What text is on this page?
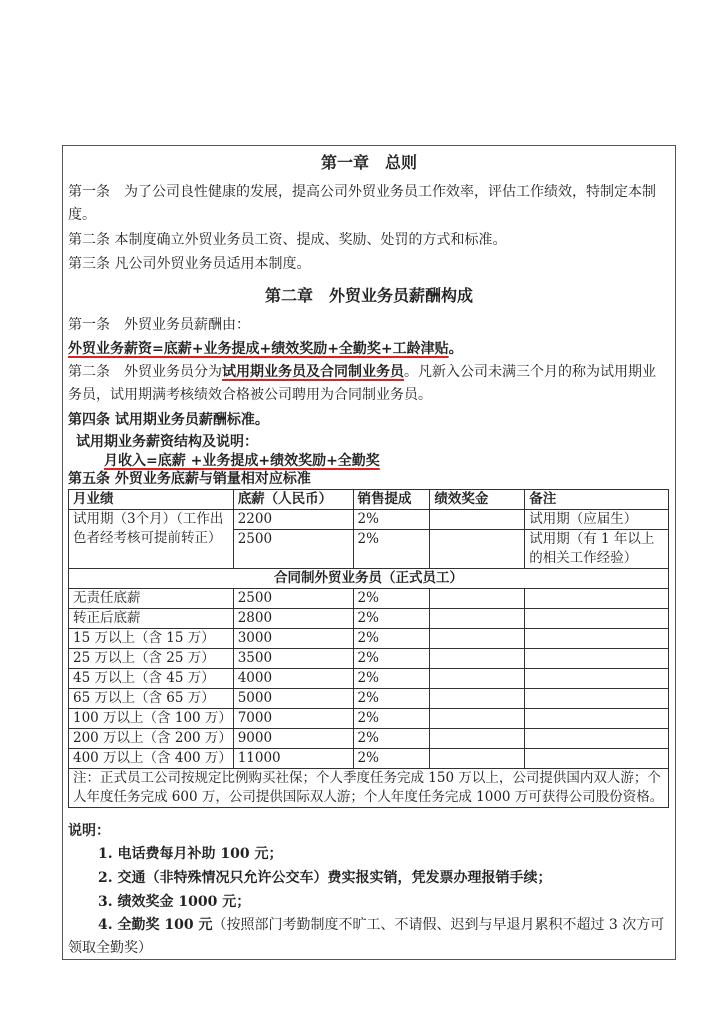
第一章　总则
第一条　为了公司良性健康的发展，提高公司外贸业务员工作效率，评估工作绩效，特制定本制度。
第二条 本制度确立外贸业务员工资、提成、奖励、处罚的方式和标准。
第三条 凡公司外贸业务员适用本制度。
第二章　外贸业务员薪酬构成
第一条　外贸业务员薪酬由：
外贸业务薪资=底薪+业务提成+绩效奖励+全勤奖+工龄津贴。
第二条　外贸业务员分为试用期业务员及合同制业务员。凡新入公司未满三个月的称为试用期业务员，试用期满考核绩效合格被公司聘用为合同制业务员。
第四条 试用期业务员薪酬标准。
试用期业务薪资结构及说明：
月收入=底薪 +业务提成+绩效奖励+全勤奖
第五条 外贸业务底薪与销量相对应标准
月业绩	底薪（人民币）	销售提成	绩效奖金	备注
试用期（3个月）（工作出色者经考核可提前转正）	2200	2%		试用期（应届生）
	2500	2%		试用期（有 1 年以上的相关工作经验）
合同制外贸业务员（正式员工）				
无责任底薪	2500	2%		
转正后底薪	2800	2%		
15 万以上（含 15 万）	3000	2%		
25 万以上（含 25 万）	3500	2%		
45 万以上（含 45 万）	4000	2%		
65 万以上（含 65 万）	5000	2%		
100 万以上（含 100 万）	7000	2%		
200 万以上（含 200 万）	9000	2%		
400 万以上（含 400 万）	11000	2%		
注：正式员工公司按规定比例购买社保；个人季度任务完成 150 万以上，公司提供国内双人游；个人年度任务完成 600 万，公司提供国际双人游；个人年度任务完成 1000 万可获得公司股份资格。				
说明：
1. 电话费每月补助 100 元；
2. 交通（非特殊情况只允许公交车）费实报实销，凭发票办理报销手续；
3. 绩效奖金 1000 元；
4. 全勤奖 100 元（按照部门考勤制度不旷工、不请假、迟到与早退月累积不超过 3 次方可领取全勤奖）
